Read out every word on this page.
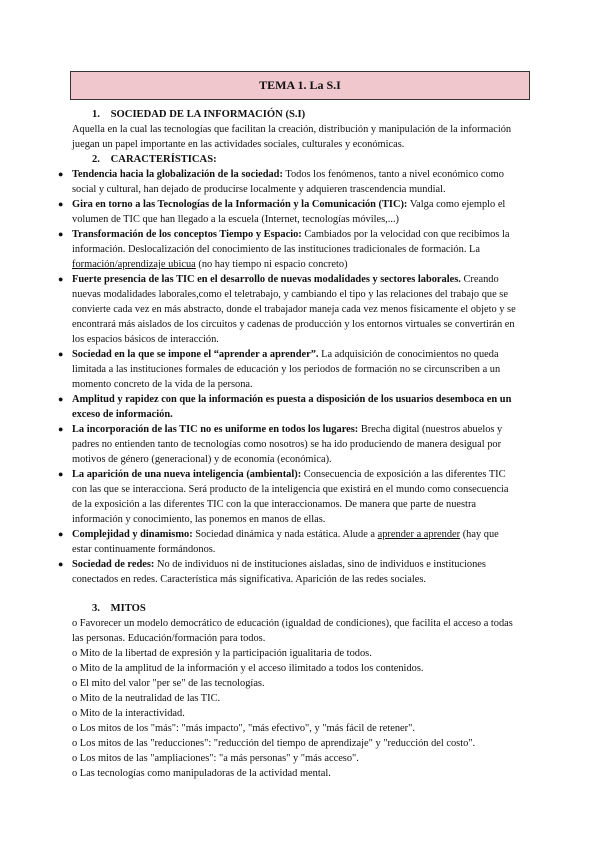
TEMA 1. La S.I
1. SOCIEDAD DE LA INFORMACIÓN (S.I)

Aquella en la cual las tecnologías que facilitan la creación, distribución y manipulación de la información juegan un papel importante en las actividades sociales, culturales y económicas.

2. CARACTERÍSTICAS:
● Tendencia hacia la globalización de la sociedad: Todos los fenómenos, tanto a nivel económico como social y cultural, han dejado de producirse localmente y adquieren trascendencia mundial.
● Gira en torno a las Tecnologías de la Información y la Comunicación (TIC): Valga como ejemplo el volumen de TIC que han llegado a la escuela (Internet, tecnologías móviles,...)
● Transformación de los conceptos Tiempo y Espacio: Cambiados por la velocidad con que recibimos la información. Deslocalización del conocimiento de las instituciones tradicionales de formación. La formación/aprendizaje ubicua (no hay tiempo ni espacio concreto)
● Fuerte presencia de las TIC en el desarrollo de nuevas modalidades y sectores laborales. Creando nuevas modalidades laborales,como el teletrabajo, y cambiando el tipo y las relaciones del trabajo que se convierte cada vez en más abstracto, donde el trabajador maneja cada vez menos físicamente el objeto y se encontrará más aislados de los circuitos y cadenas de producción y los entornos virtuales se convertirán en los espacios básicos de interacción.
● Sociedad en la que se impone el “aprender a aprender”. La adquisición de conocimientos no queda limitada a las instituciones formales de educación y los periodos de formación no se circunscriben a un momento concreto de la vida de la persona.
● Amplitud y rapidez con que la información es puesta a disposición de los usuarios desemboca en un exceso de información.
● La incorporación de las TIC no es uniforme en todos los lugares: Brecha digital (nuestros abuelos y padres no entienden tanto de tecnologías como nosotros) se ha ido produciendo de manera desigual por motivos de género (generacional) y de economía (económica).
● La aparición de una nueva inteligencia (ambiental): Consecuencia de exposición a las diferentes TIC con las que se interacciona. Será producto de la inteligencia que existirá en el mundo como consecuencia de la exposición a las diferentes TIC con la que interaccionamos. De manera que parte de nuestra información y conocimiento, las ponemos en manos de ellas.
● Complejidad y dinamismo: Sociedad dinámica y nada estática. Alude a aprender a aprender (hay que estar continuamente formándonos.
● Sociedad de redes: No de individuos ni de instituciones aisladas, sino de individuos e instituciones conectados en redes. Característica más significativa. Aparición de las redes sociales.
3. MITOS

o Favorecer un modelo democrático de educación (igualdad de condiciones), que facilita el acceso a todas las personas. Educación/formación para todos.

o Mito de la libertad de expresión y la participación igualitaria de todos.

o Mito de la amplitud de la información y el acceso ilimitado a todos los contenidos.

o El mito del valor "per se" de las tecnologías.

o Mito de la neutralidad de las TIC.

o Mito de la interactividad.

o Los mitos de los "más": "más impacto", "más efectivo", y "más fácil de retener".

o Los mitos de las "reducciones": "reducción del tiempo de aprendizaje" y "reducción del costo".

o Los mitos de las "ampliaciones": "a más personas" y "más acceso".

o Las tecnologías como manipuladoras de la actividad mental.
